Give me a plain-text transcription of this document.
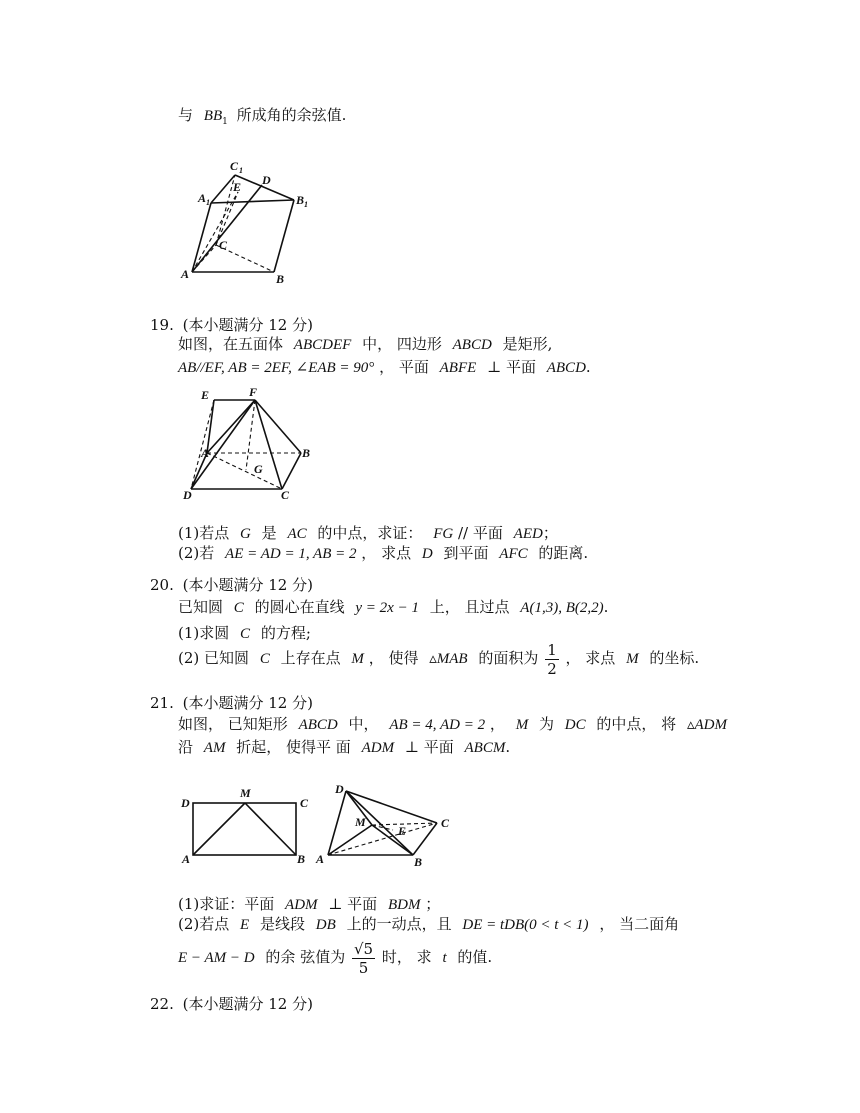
与 $BB_1$ 所成角的余弦值.
C 1
E D
A 1	B 1
C
A	B
19. (本小题满分 12 分)
如图，在五面体 ABCDEF 中， 四边形 ABCD 是矩形,
AB//EF, AB = 2EF, ∠EAB = 90° ， 平面 ABFE ⊥ 平面 ABCD.
E	F
A	B
G
D	C
(1)若点 G 是 AC 的中点，求证： FG // 平面 AED；
(2)若 AE = AD = 1, AB = 2 ， 求点 D 到平面 AFC 的距离.
20. (本小题满分 12 分)
已知圆 C 的圆心在直线 y = 2x − 1 上， 且过点 A(1,3), B(2,2).
(1)求圆 C 的方程;
(2) 已知圆 C 上存在点 M ， 使得 ▵MAB 的面积为 $\frac{1}{2}$ ， 求点 M 的坐标.
21. (本小题满分 12 分)
如图， 已知矩形 ABCD 中， AB = 4, AD = 2 ， M 为 DC 的中点， 将 ▵ADM
沿 AM 折起， 使得平 面 ADM ⊥ 平面 ABCM.
D
M
C
A	B
D
M
E
C
A	B
(1)求证：平面 ADM ⊥ 平面 BDM ；
(2)若点 E 是线段 DB 上的一动点，且 DE = tDB(0 < t < 1) ， 当二面角
E − AM − D 的余 弦值为 $\frac{√5}{5}$ 时， 求 t 的值.
22. (本小题满分 12 分)
